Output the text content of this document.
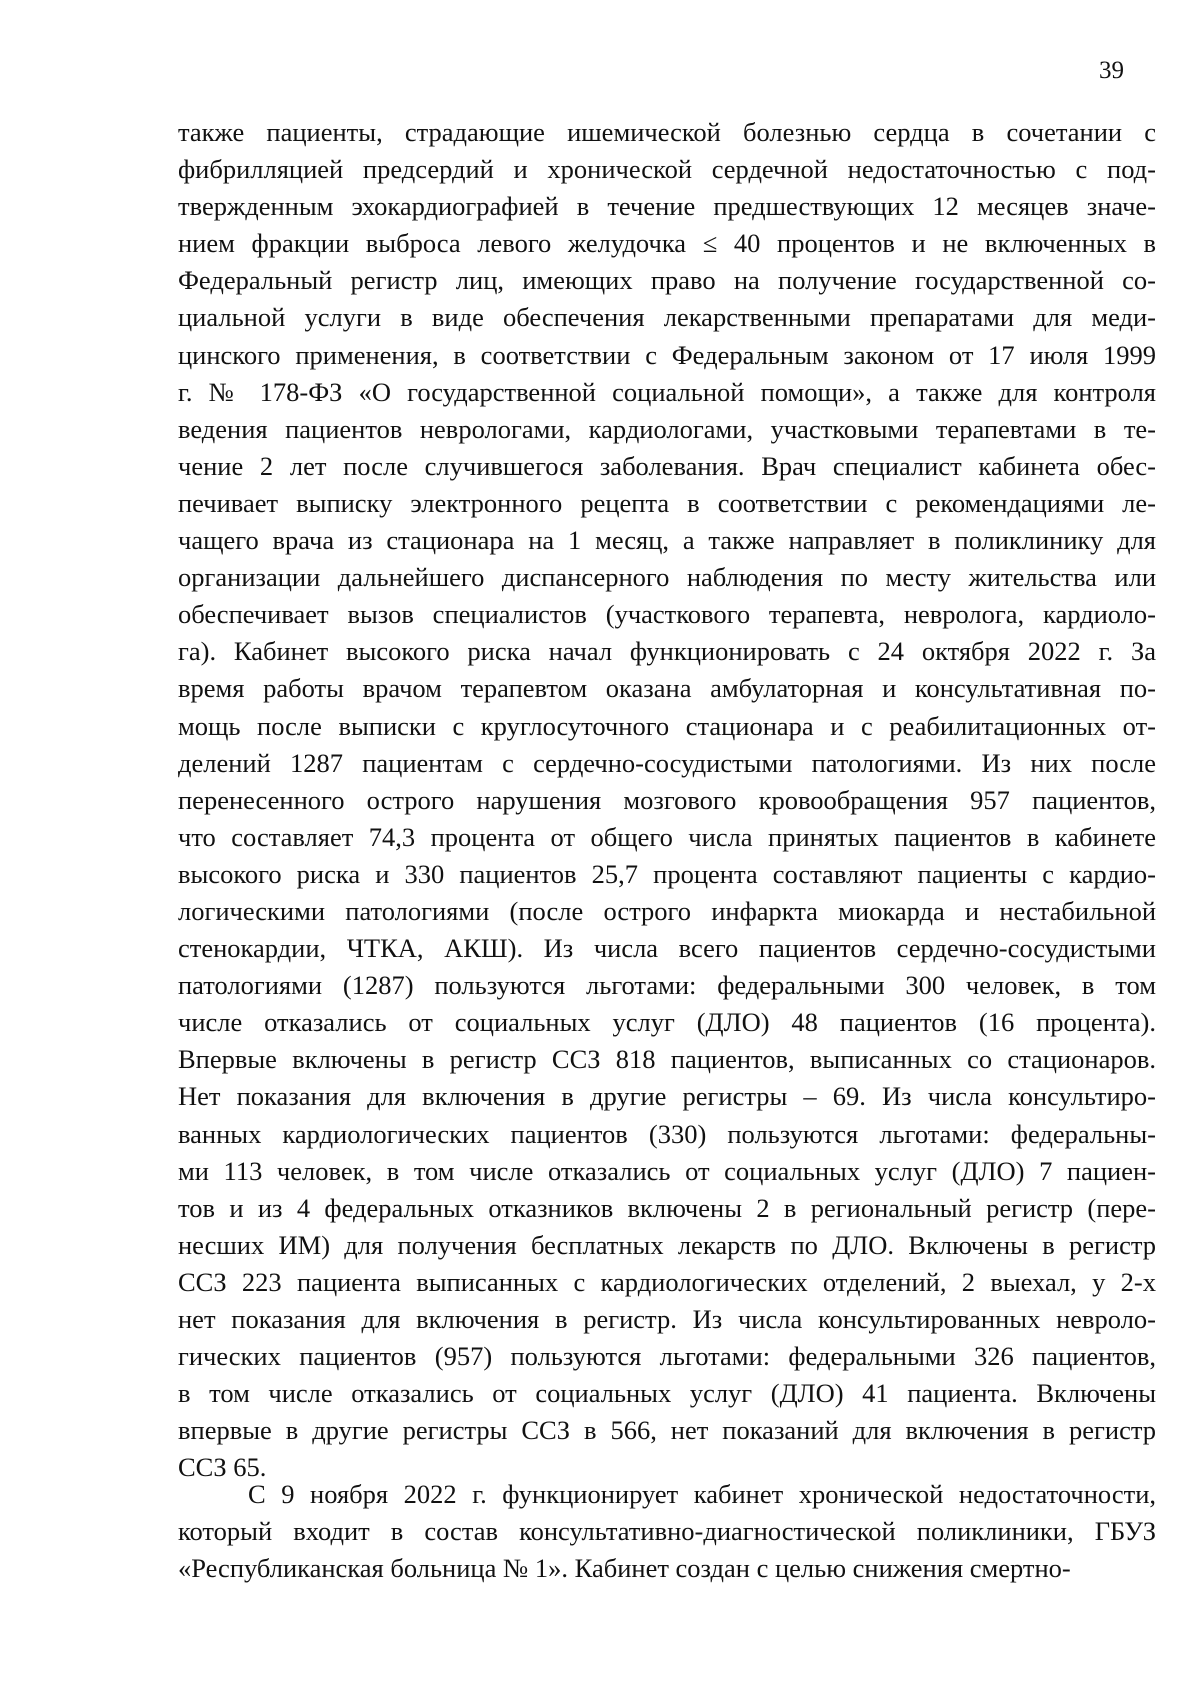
39
также пациенты, страдающие ишемической болезнью сердца в сочетании с
фибрилляцией предсердий и хронической сердечной недостаточностью с под-
твержденным эхокардиографией в течение предшествующих 12 месяцев значе-
нием фракции выброса левого желудочка ≤ 40 процентов и не включенных в
Федеральный регистр лиц, имеющих право на получение государственной со-
циальной услуги в виде обеспечения лекарственными препаратами для меди-
цинского применения, в соответствии с Федеральным законом от 17 июля 1999
г. № 178-ФЗ «О государственной социальной помощи», а также для контроля
ведения пациентов неврологами, кардиологами, участковыми терапевтами в те-
чение 2 лет после случившегося заболевания. Врач специалист кабинета обес-
печивает выписку электронного рецепта в соответствии с рекомендациями ле-
чащего врача из стационара на 1 месяц, а также направляет в поликлинику для
организации дальнейшего диспансерного наблюдения по месту жительства или
обеспечивает вызов специалистов (участкового терапевта, невролога, кардиоло-
га). Кабинет высокого риска начал функционировать с 24 октября 2022 г. За
время работы врачом терапевтом оказана амбулаторная и консультативная по-
мощь после выписки с круглосуточного стационара и с реабилитационных от-
делений 1287 пациентам с сердечно-сосудистыми патологиями. Из них после
перенесенного острого нарушения мозгового кровообращения 957 пациентов,
что составляет 74,3 процента от общего числа принятых пациентов в кабинете
высокого риска и 330 пациентов 25,7 процента составляют пациенты с кардио-
логическими патологиями (после острого инфаркта миокарда и нестабильной
стенокардии, ЧТКА, АКШ). Из числа всего пациентов сердечно-сосудистыми
патологиями (1287) пользуются льготами: федеральными 300 человек, в том
числе отказались от социальных услуг (ДЛО) 48 пациентов (16 процента).
Впервые включены в регистр ССЗ 818 пациентов, выписанных со стационаров.
Нет показания для включения в другие регистры – 69. Из числа консультиро-
ванных кардиологических пациентов (330) пользуются льготами: федеральны-
ми 113 человек, в том числе отказались от социальных услуг (ДЛО) 7 пациен-
тов и из 4 федеральных отказников включены 2 в региональный регистр (пере-
несших ИМ) для получения бесплатных лекарств по ДЛО. Включены в регистр
ССЗ 223 пациента выписанных с кардиологических отделений, 2 выехал, у 2-х
нет показания для включения в регистр. Из числа консультированных невроло-
гических пациентов (957) пользуются льготами: федеральными 326 пациентов,
в том числе отказались от социальных услуг (ДЛО) 41 пациента. Включены
впервые в другие регистры ССЗ в 566, нет показаний для включения в регистр
ССЗ 65.
С 9 ноября 2022 г. функционирует кабинет хронической недостаточности,
который входит в состав консультативно-диагностической поликлиники, ГБУЗ
«Республиканская больница № 1». Кабинет создан с целью снижения смертно-
